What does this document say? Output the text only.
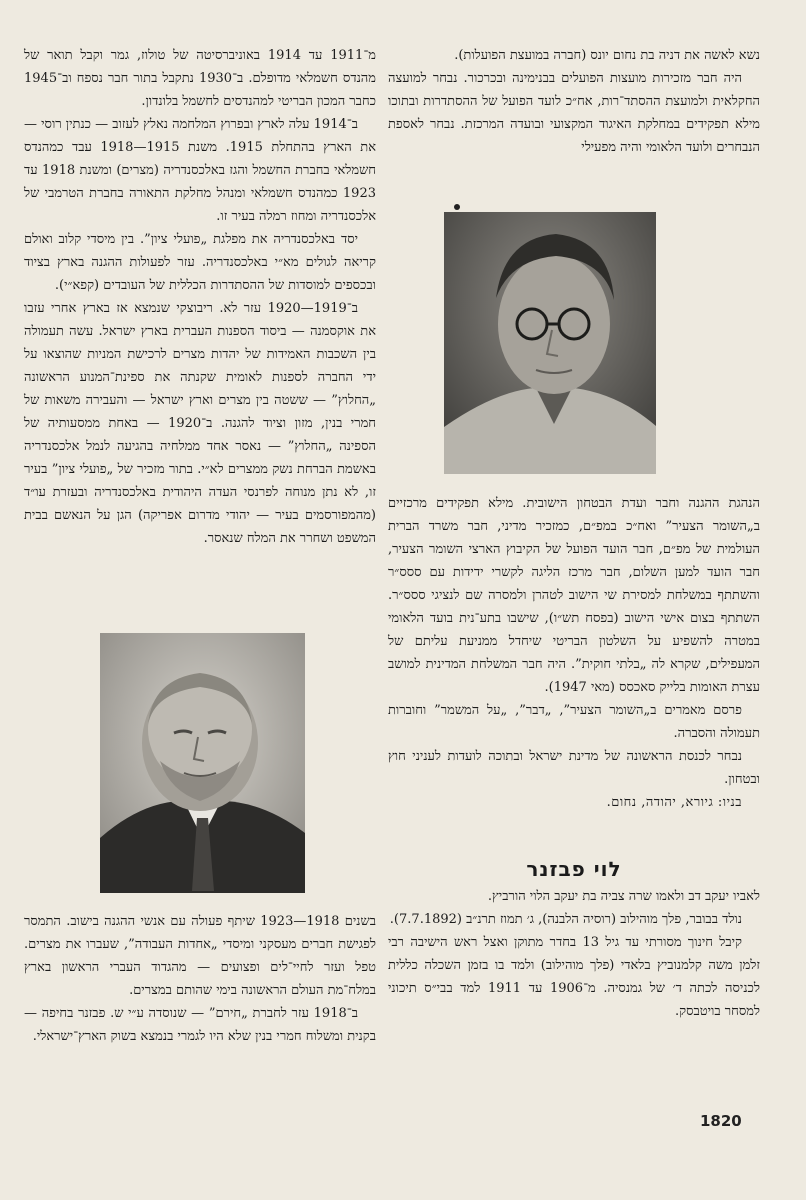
מ־1911 עד 1914 באוניברסיטה של טולוז, גמר וקבל תואר של מהנדס חשמלאי מדופלם. ב־1930 נתקבל בתור חבר נספח וב־1945 כחבר המכון הבריטי למהנדסים לחשמל בלונדון.

ב־1914 עלה לארץ ובפרוץ המלחמה נאלץ לעזוב — כנתין רוסי — את הארץ בהתחלת 1915. משנת 1915—1918 עבד כמהנדס חשמלאי בחברת החשמל והגז באלכסנדריה (מצרים) ומשנת 1918 עד 1923 כמהנדס חשמלאי ומנהל מחלקת התאורה בחברת הטרמבי של אלכסנדריה ומחוז רמלה בעיר זו.

יסד באלכסנדריה את מפלגת „פועלי ציון”. בין מיסדי קלוב ואולם קריאה לגולים מא״י באלכסנדריה. עזר לפעולות ההגנה בארץ בציוד ובכספים למוסדות של ההסתדרות הכללית של העובדים (קפא״י).

ב־1919—1920 עזר לא. ריבוצקי שנמצא אז בארץ אחרי עזבו את אוקסמנה — ביסוד הספנות העברית בארץ ישראל. עשה תעמולה בין השכבות האמידות של יהדות מצרים לרכישת המניות שהוצאו על ידי החברה לספנות לאומית שקנתה את ספינת־המנוע הראשונה „החלוץ” — ששטה בין מצרים וארץ ישראל — והעבירה משאות של חמרי בנין, מזון וציוד להגנה. ב־1920 — באחת ממסעותיה של הספינה „החלוץ” — נאסר אחד ממלחיה בהגיעה לנמל אלכסנדריה באשמת הברחת נשק ממצרים לא״י. בתור מזכיר של „פועלי ציון” בעיר זו, לא נתן מנוחה לפרנסי העדה היהודית באלכסנדריה ובעזרת עו״ד (מהמפורסמים בעיר — יהודי מדרום אפריקה) הגן על הנאשם בבית המשפט ושחרר את המלח שנאסר.

בשנים 1918—1923 שיתף פעולה עם אנשי ההגנה בישוב. התמסר לפגישת חברים מעסקני ומיסדי „אחדות העבודה”, שעברו את מצרים. טפל ועזר לחיי־לים ופצועים — מהגדוד העברי הראשון בארץ במלח־מת העולם הראשונה בימי שהותם במצרים.

ב־1918 עזר לחברת „חירם” — שנוסדה ע״י ש. פבזנר בחיפה — בקנית ומשלוח חמרי בנין שלא היו לגמרי בנמצא בשוק הארץ־ישראלי.

נשא לאשה את דניה בת נחום יונס (חברה במועצת הפועלות).

היה חבר מזכירות מועצות הפועלים בבנימינה ובכרכור. נבחר למועצה החקלאית ולמועצת ההסתד־רות, אח״כ לועד הפועל של ההסתדרות ובתוכו מילא תפקידים במחלקת האיגוד המקצועי ובועדה המרכזת. נבחר לאספת הנבחרים ולועד הלאומי והיה מפעילי

הנהגת ההגנה וחבר ועדת הבטחון הישובית. מילא תפקידים מרכזיים ב„השומר הצעיר” ואח״כ במפ״ם, כמזכיר מדיני, חבר משרד הברית העולמית של מפ״ם, חבר הועד הפועל של הקיבוץ הארצי השומר הצעיר, חבר הועד למען השלום, חבר מרכז הליגה לקשרי ידידות עם ססס״ר והשתתף במשלחת למסירת שי הישוב לטהרן ולמסרה שם לנציגי ססס״ר. השתתף בצום אישי הישוב (בפסח תש״ו), שישבו בתע־נית בועד הלאומי במטרה להשפיע על השלטון הבריטי שיחדל ממניעת עליתם של המעפילים, שקרא לה „בלתי חוקית”. היה חבר המשלחת המדינית למושב עצרת האומות בלייק סאכסס (מאי 1947).

פרסם מאמרים ב„השומר הצעיר”, „דבר”, „על המשמר” וחוברות תעמולה והסברה.

נבחר לכנסת הראשונה של מדינת ישראל ובתוכה לועדות לעניני חוץ ובטחון.

בניו: גיורא, יהודה, נחום.

לוי פבזנר

לאביו יעקב דב ולאמו שרה צביה בת יעקב הלוי הורביץ.

נולד בבובר, פלך מוהילוב (רוסיה הלבנה), ג׳ תמוז תרנ״ב (7.7.1892).

קיבל חינוך מסורתי עד גיל 13 בחדר מתוקן ואצל ראש הישיבה רבי זלמן משה קלמנוביץ בלאדי (פלך מוהילוב) ולמד בו בזמן השכלה כללית לכניסה לכתה ד׳ של גמנסיה. מ־1906 עד 1911 למד בבי״ס תיכוני למסחר בויטבסק.

1820
